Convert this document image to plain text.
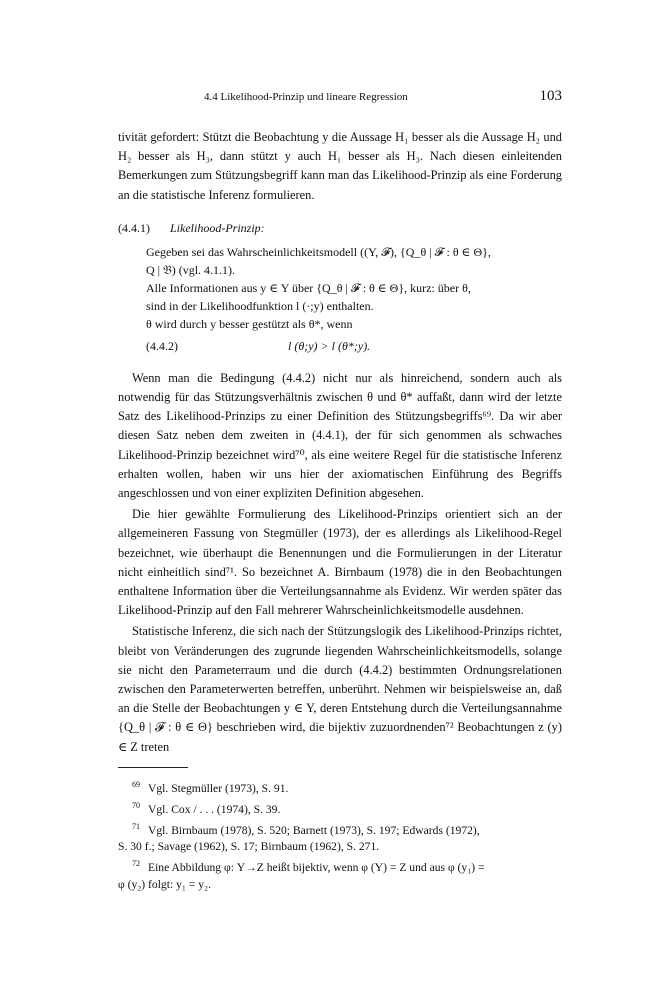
4.4 Likelihood-Prinzip und lineare Regression	103

tivität gefordert: Stützt die Beobachtung y die Aussage H₁ besser als die Aussage H₂ und H₂ besser als H₃, dann stützt y auch H₁ besser als H₃. Nach diesen einleitenden Bemerkungen zum Stützungsbegriff kann man das Likelihood-Prinzip als eine Forderung an die statistische Inferenz formulieren.

(4.4.1) Likelihood-Prinzip:

Gegeben sei das Wahrscheinlichkeitsmodell ((Y, 𝓕), {Q_θ | 𝓕 : θ ∈ Θ},

Q | 𝔅) (vgl. 4.1.1).

Alle Informationen aus y ∈ Y über {Q_θ | 𝓕 : θ ∈ Θ}, kurz: über θ,

sind in der Likelihoodfunktion l (·;y) enthalten.

θ wird durch y besser gestützt als θ*, wenn

(4.4.2)	l (θ;y) > l (θ*;y).

Wenn man die Bedingung (4.4.2) nicht nur als hinreichend, sondern auch als notwendig für das Stützungsverhältnis zwischen θ und θ* auffaßt, dann wird der letzte Satz des Likelihood-Prinzips zu einer Definition des Stützungsbegriffs⁶⁹. Da wir aber diesen Satz neben dem zweiten in (4.4.1), der für sich genommen als schwaches Likelihood-Prinzip bezeichnet wird⁷⁰, als eine weitere Regel für die statistische Inferenz erhalten wollen, haben wir uns hier der axiomatischen Einführung des Begriffs angeschlossen und von einer expliziten Definition abgesehen.

Die hier gewählte Formulierung des Likelihood-Prinzips orientiert sich an der allgemeineren Fassung von Stegmüller (1973), der es allerdings als Likelihood-Regel bezeichnet, wie überhaupt die Benennungen und die Formulierungen in der Literatur nicht einheitlich sind⁷¹. So bezeichnet A. Birnbaum (1978) die in den Beobachtungen enthaltene Information über die Verteilungsannahme als Evidenz. Wir werden später das Likelihood-Prinzip auf den Fall mehrerer Wahrscheinlichkeitsmodelle ausdehnen.

Statistische Inferenz, die sich nach der Stützungslogik des Likelihood-Prinzips richtet, bleibt von Veränderungen des zugrunde liegenden Wahrscheinlichkeitsmodells, solange sie nicht den Parameterraum und die durch (4.4.2) bestimmten Ordnungsrelationen zwischen den Parameterwerten betreffen, unberührt. Nehmen wir beispielsweise an, daß an die Stelle der Beobachtungen y ∈ Y, deren Entstehung durch die Verteilungsannahme {Q_θ | 𝓕 : θ ∈ Θ} beschrieben wird, die bijektiv zuzuordnenden⁷² Beobachtungen z (y) ∈ Z treten

$^{69}$ Vgl. Stegmüller (1973), S. 91.

$^{70}$ Vgl. Cox / . . . (1974), S. 39.

$^{71}$ Vgl. Birnbaum (1978), S. 520; Barnett (1973), S. 197; Edwards (1972),

S. 30 f.; Savage (1962), S. 17; Birnbaum (1962), S. 271.

$^{72}$ Eine Abbildung φ: Y→Z heißt bijektiv, wenn φ (Y) = Z und aus φ (y₁) =

φ (y₂) folgt: y₁ = y₂.
